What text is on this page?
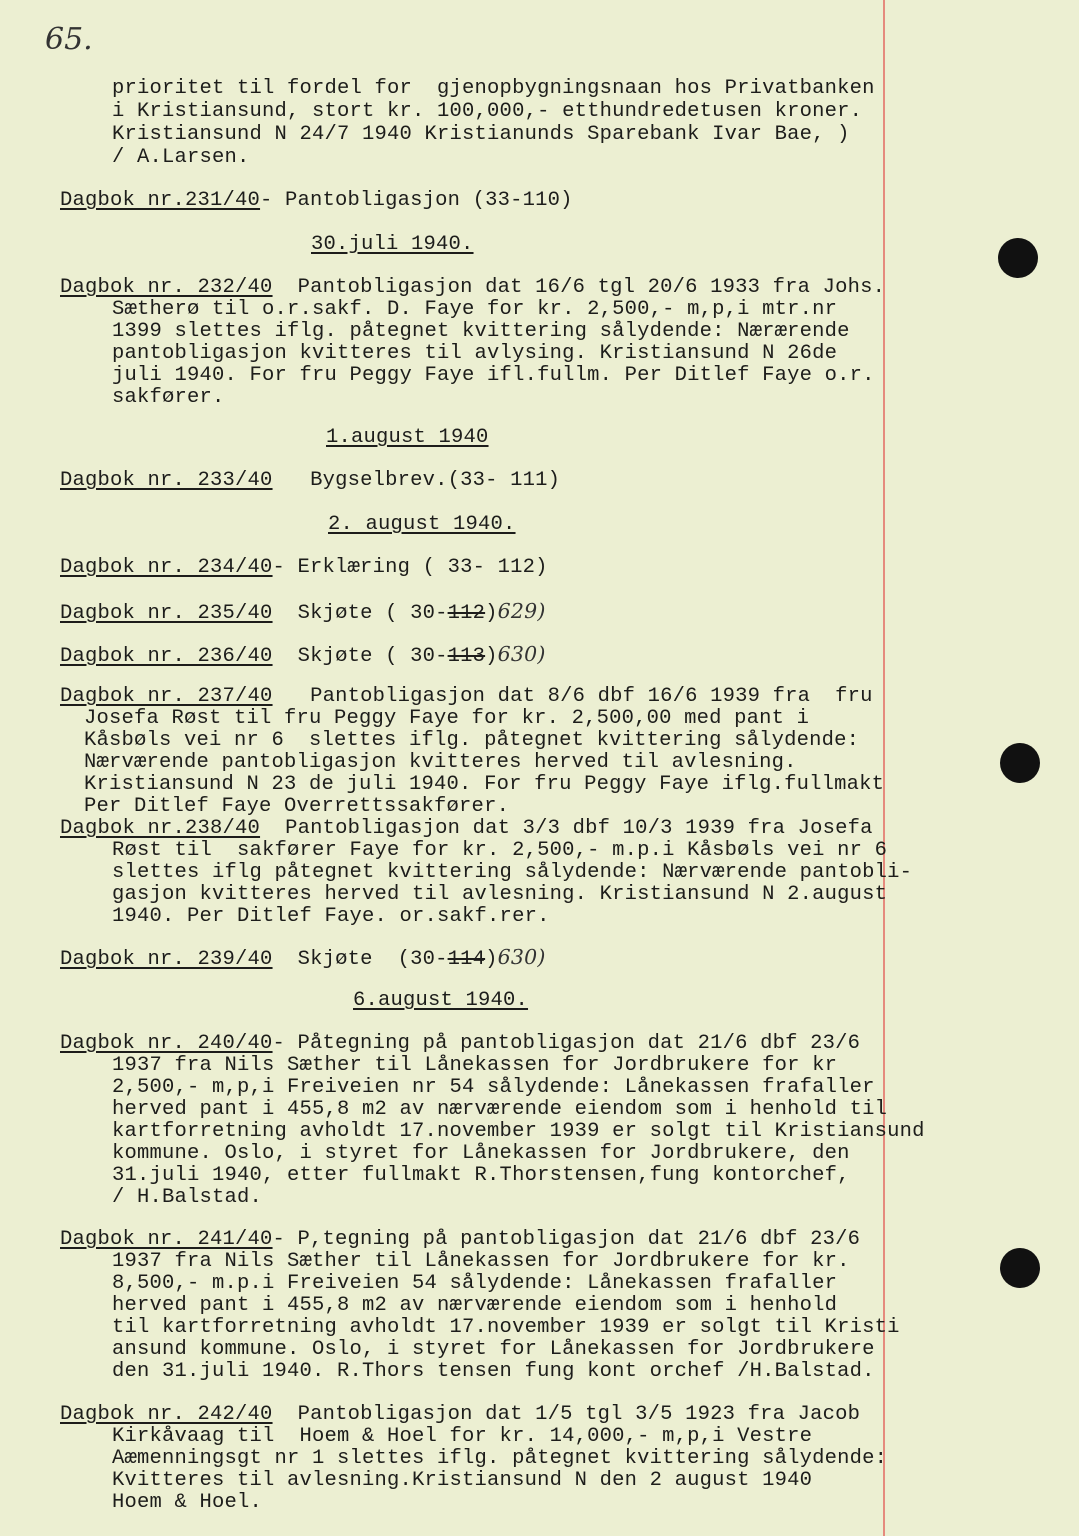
65.
prioritet til fordel for  gjenopbygningsnaan hos Privatbanken
i Kristiansund, stort kr. 100,000,- etthundredetusen kroner.
Kristiansund N 24/7 1940 Kristianunds Sparebank Ivar Bae, )
/ A.Larsen.
Dagbok nr.231/40- Pantobligasjon (33-110)
30.juli 1940.
Dagbok nr. 232/40 Pantobligasjon dat 16/6 tgl 20/6 1933 fra Johs.
Sætherø til o.r.sakf. D. Faye for kr. 2,500,- m,p,i mtr.nr
1399 slettes iflg. påtegnet kvittering sålydende: Nærærende
pantobligasjon kvitteres til avlysing. Kristiansund N 26de
juli 1940. For fru Peggy Faye ifl.fullm. Per Ditlef Faye o.r.
sakfører.
1.august 1940
Dagbok nr. 233/40 Bygselbrev.(33- 111)
2. august 1940.
Dagbok nr. 234/40- Erklæring ( 33- 112)
Dagbok nr. 235/40 Skjøte ( 30-112)629)
Dagbok nr. 236/40 Skjøte ( 30-113)630)
Dagbok nr. 237/40 Pantobligasjon dat 8/6 dbf 16/6 1939 fra  fru
Josefa Røst til fru Peggy Faye for kr. 2,500,00 med pant i
Kåsbøls vei nr 6  slettes iflg. påtegnet kvittering sålydende:
Nærværende pantobligasjon kvitteres herved til avlesning.
Kristiansund N 23 de juli 1940. For fru Peggy Faye iflg.fullmakt
Per Ditlef Faye Overrettssakfører.
Dagbok nr.238/40 Pantobligasjon dat 3/3 dbf 10/3 1939 fra Josefa
Røst til  sakfører Faye for kr. 2,500,- m.p.i Kåsbøls vei nr 6
slettes iflg påtegnet kvittering sålydende: Nærværende pantobli-
gasjon kvitteres herved til avlesning. Kristiansund N 2.august
1940. Per Ditlef Faye. or.sakf.rer.
Dagbok nr. 239/40 Skjøte  (30-114)630)
6.august 1940.
Dagbok nr. 240/40- Påtegning på pantobligasjon dat 21/6 dbf 23/6
1937 fra Nils Sæther til Lånekassen for Jordbrukere for kr
2,500,- m,p,i Freiveien nr 54 sålydende: Lånekassen frafaller
herved pant i 455,8 m2 av nærværende eiendom som i henhold til
kartforretning avholdt 17.november 1939 er solgt til Kristiansund
kommune. Oslo, i styret for Lånekassen for Jordbrukere, den
31.juli 1940, etter fullmakt R.Thorstensen,fung kontorchef,
/ H.Balstad.
Dagbok nr. 241/40- P,tegning på pantobligasjon dat 21/6 dbf 23/6
1937 fra Nils Sæther til Lånekassen for Jordbrukere for kr.
8,500,- m.p.i Freiveien 54 sålydende: Lånekassen frafaller
herved pant i 455,8 m2 av nærværende eiendom som i henhold
til kartforretning avholdt 17.november 1939 er solgt til Kristi
ansund kommune. Oslo, i styret for Lånekassen for Jordbrukere
den 31.juli 1940. R.Thors tensen fung kont orchef /H.Balstad.
Dagbok nr. 242/40 Pantobligasjon dat 1/5 tgl 3/5 1923 fra Jacob
Kirkåvaag til  Hoem & Hoel for kr. 14,000,- m,p,i Vestre
Aæmenningsgt nr 1 slettes iflg. påtegnet kvittering sålydende:
Kvitteres til avlesning.Kristiansund N den 2 august 1940
Hoem & Hoel.
